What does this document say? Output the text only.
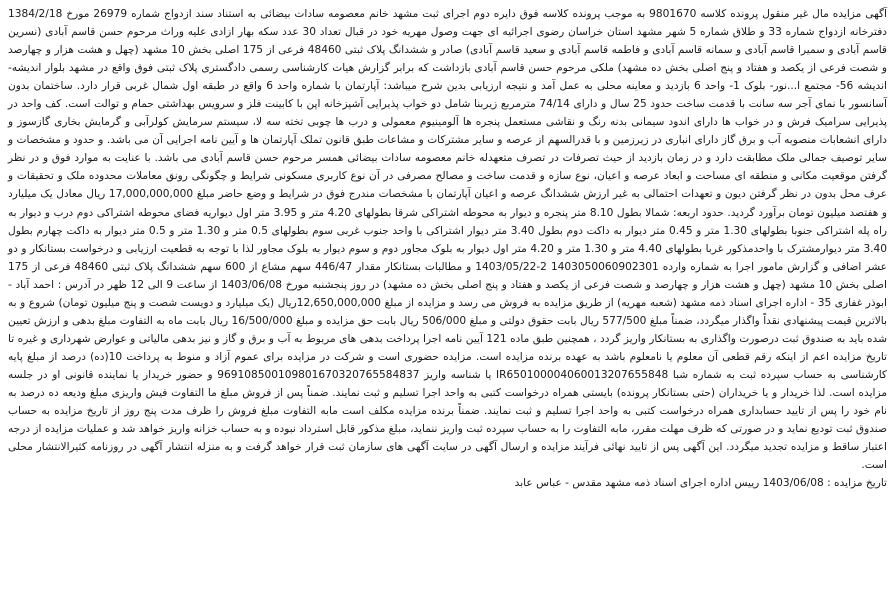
آگهی مزایده مال غیر منقول پرونده کلاسه 9801670 به موجب پرونده کلاسه فوق دایره دوم اجرای ثبت مشهد خانم معصومه سادات بیضائی به استناد سند ازدواج شماره 26979 مورخ 1384/2/18 دفترخانه ازدواج شماره 33 و طلاق شماره 5 شهر مشهد استان خراسان رضوی اجرائیه ای جهت وصول مهریه خود در قبال تعداد 30 عدد سکه بهار ازادی علیه وراث مرحوم حسن قاسم آبادی (نسرین قاسم آبادی و سمیرا قاسم آبادی و سمانه قاسم آبادی و فاطمه قاسم آبادی و سعید قاسم آبادی) صادر و ششدانگ پلاک ثبتی 48460 فرعی از 175 اصلی بخش 10 مشهد (چهل و هشت هزار و چهارصد و شصت فرعی از یکصد و هفتاد و پنج اصلی بخش ده مشهد) ملکی مرحوم حسن قاسم آبادی بازداشت که برابر گزارش هیات کارشناسی رسمی دادگستری پلاک ثبتی فوق واقع در مشهد بلوار اندیشه- اندیشه 56- مجتمع ا...نور- بلوک 1- واحد 6 بازدید و معاینه محلی به عمل آمد و نتیجه ارزیابی بدین شرح میباشد: آپارتمان با شماره واحد 6 واقع در طبقه اول شمال غربی قرار دارد. ساختمان بدون آسانسور با نمای آجر سه سانت با قدمت ساخت حدود 25 سال و دارای 74/14 مترمربع زیربنا شامل دو خواب پذیرایی آشپزخانه اپن با کابینت فلز و سرویس بهداشتی حمام و توالت است. کف واحد در پذیرایی سرامیک فرش و در خواب ها دارای اندود سیمانی بدنه رنگ و نقاشی مستعمل پنجره ها آلومینیوم معمولی و درب ها چوبی تخته سه لا، سیستم سرمایش کولرآبی و گرمایش بخاری گازسوز و دارای انشعابات منصوبه آب و برق گاز دارای انباری در زیرزمین و با قدرالسهم از عرصه و سایر مشترکات و مشاعات طبق قانون تملک آپارتمان ها و آیین نامه اجرایی آن می باشد. و حدود و مشخصات و سایر توصیف جمالی ملک مطابقت دارد و در زمان بازدید از حیث تصرفات در تصرف متعهدله خانم معصومه سادات بیضائی همسر مرحوم حسن قاسم آبادی می باشد. با عنایت به موارد فوق و در نظر گرفتن موقعیت مکانی و منطقه ای مساحت و ابعاد عرصه و اعیان، نوع سازه و قدمت ساخت و مصالح مصرفی در آن نوع کاربری مسکونی شرایط و چگونگی رونق معاملات محدوده ملک و تحقیقات و عرف محل بدون در نظر گرفتن دیون و تعهدات احتمالی به غیر ارزش ششدانگ عرصه و اعیان آپارتمان با مشخصات مندرج فوق در شرایط و وضع حاضر مبلغ 17,000,000,000 ریال معادل یک میلیارد و هفتصد میلیون تومان برآورد گردید. حدود اربعه: شمالا بطول 8.10 متر پنجره و دیوار به محوطه اشتراکی شرقا بطولهای 4.20 متر و 3.95 متر اول دیواریه فضای محوطه اشتراکی دوم درب و دیوار به راه پله اشتراکی جنوبا بطولهای 1.30 متر و 0.45 متر دیوار به داکت دوم بطول 3.40 متر دیوار اشتراکی با واحد جنوب غربی سوم بطولهای 0.5 متر و 1.30 متر و 0.5 متر دیوار به داکت چهارم بطول 3.40 متر دیوارمشترک با واحدمذکور غربا بطولهای 4.40 متر و 1.30 متر و 4.20 متر اول دیوار به بلوک مجاور دوم و سوم دیوار به بلوک مجاور لذا با توجه به قطعیت ارزیابی و درخواست بستانکار و دو عشر اضافی و گزارش مامور اجرا به شماره وارده 1403050060902301 2-1403/05/22 و مطالبات بستانکار مقدار 446/47 سهم مشاع از 600 سهم ششدانگ پلاک ثبتی 48460 فرعی از 175 اصلی بخش 10 مشهد (چهل و هشت هزار و چهارصد و شصت فرعی از یکصد و هفتاد و پنج اصلی بخش ده مشهد) در روز پنجشنبه مورخ 1403/06/08 از ساعت 9 الی 12 ظهر در آدرس : احمد آباد - ابوذر غفاری 35 - اداره اجرای اسناد ذمه مشهد (شعبه مهریه) از طریق مزایده به فروش می رسد و مزایده از مبلغ 12,650,000,000ریال (یک میلیارد و دویست شصت و پنج میلیون تومان) شروع و به بالاترین قیمت پیشنهادی نقداً واگذار میگردد، ضمناً مبلغ 577/500 ریال بابت حقوق دولتی و مبلغ 506/000 ریال بابت حق مزایده و مبلغ 16/500/000 ریال بابت ماه به التفاوت مبلغ بدهی و ارزش تعیین شده باید به صندوق ثبت درصورت واگذاری به بستانکار واریز گردد ، همچنین طبق ماده 121 آیین نامه اجرا پرداخت بدهی های مربوط به آب و برق و گاز و نیز بدهی مالیاتی و عوارض شهرداری و غیره تا تاریخ مزایده اعم از اینکه رقم قطعی آن معلوم یا نامعلوم باشد به عهده برنده مزایده است. مزایده حضوری است و شرکت در مزایده برای عموم آزاد و منوط به پرداخت 10(ده) درصد از مبلغ پایه کارشناسی به حساب سپرده ثبت به شماره شبا IR650100004060013207655848 یا شناسه واریز 969108500109801670320765584837 و حضور خریدار یا نماینده قانونی او در جلسه مزایده است. لذا خریدار و یا خریداران (حتی بستانکار پرونده) بایستی همراه درخواست کتبی به واحد اجرا تسلیم و ثبت نمایند. ضمناً پس از فروش مبلغ ما التفاوت فیش واریزی مبلغ ودیعه ده درصد به نام خود را پس از تایید حسابداری همراه درخواست کتبی به واحد اجرا تسلیم و ثبت نمایند. ضمناً برنده مزایده مکلف است مابه التفاوت مبلغ فروش را ظرف مدت پنج روز از تاریخ مزایده به حساب صندوق ثبت تودیع نماید و در صورتی که ظرف مهلت مقرر، مابه التفاوت را به حساب سپرده ثبت واریز ننماید، مبلغ مذکور قابل استرداد نبوده و به حساب خزانه واریز خواهد شد و عملیات مزایده از درجه اعتبار ساقط و مزایده تجدید میگردد. این آگهی پس از تایید نهائی فرآیند مزایده و ارسال آگهی در سایت آگهی های سازمان ثبت قرار خواهد گرفت و به منزله انتشار آگهی در روزنامه کثیرالانتشار محلی است.

تاریخ مزایده : 1403/06/08 رییس اداره اجرای اسناد ذمه مشهد مقدس - عباس عابد
